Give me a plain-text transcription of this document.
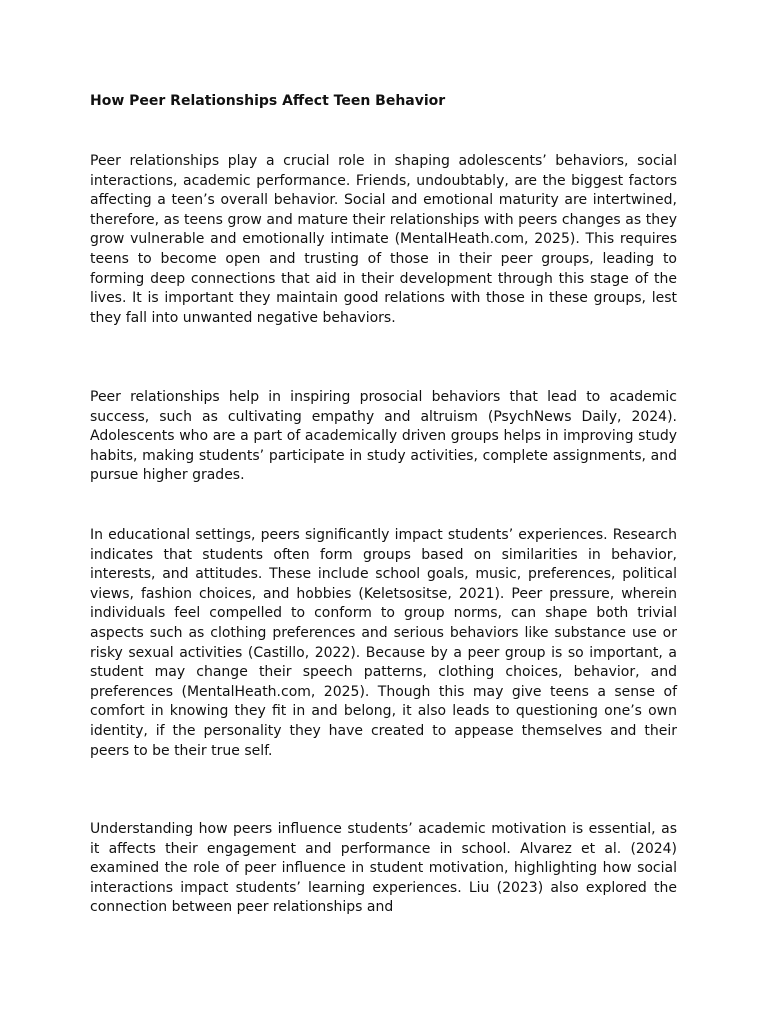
How Peer Relationships Affect Teen Behavior

Peer relationships play a crucial role in shaping adolescents’ behaviors, social interactions, academic performance. Friends, undoubtably, are the biggest factors affecting a teen’s overall behavior. Social and emotional maturity are intertwined, therefore, as teens grow and mature their relationships with peers changes as they grow vulnerable and emotionally intimate (MentalHeath.com, 2025). This requires teens to become open and trusting of those in their peer groups, leading to forming deep connections that aid in their development through this stage of the lives. It is important they maintain good relations with those in these groups, lest they fall into unwanted negative behaviors.

Peer relationships help in inspiring prosocial behaviors that lead to academic success, such as cultivating empathy and altruism (PsychNews Daily, 2024). Adolescents who are a part of academically driven groups helps in improving study habits, making students’ participate in study activities, complete assignments, and pursue higher grades.

In educational settings, peers significantly impact students’ experiences. Research indicates that students often form groups based on similarities in behavior, interests, and attitudes. These include school goals, music, preferences, political views, fashion choices, and hobbies (Keletsositse, 2021). Peer pressure, wherein individuals feel compelled to conform to group norms, can shape both trivial aspects such as clothing preferences and serious behaviors like substance use or risky sexual activities (Castillo, 2022). Because by a peer group is so important, a student may change their speech patterns, clothing choices, behavior, and preferences (MentalHeath.com, 2025). Though this may give teens a sense of comfort in knowing they fit in and belong, it also leads to questioning one’s own identity, if the personality they have created to appease themselves and their peers to be their true self.

Understanding how peers influence students’ academic motivation is essential, as it affects their engagement and performance in school. Alvarez et al. (2024) examined the role of peer influence in student motivation, highlighting how social interactions impact students’ learning experiences. Liu (2023) also explored the connection between peer relationships and
